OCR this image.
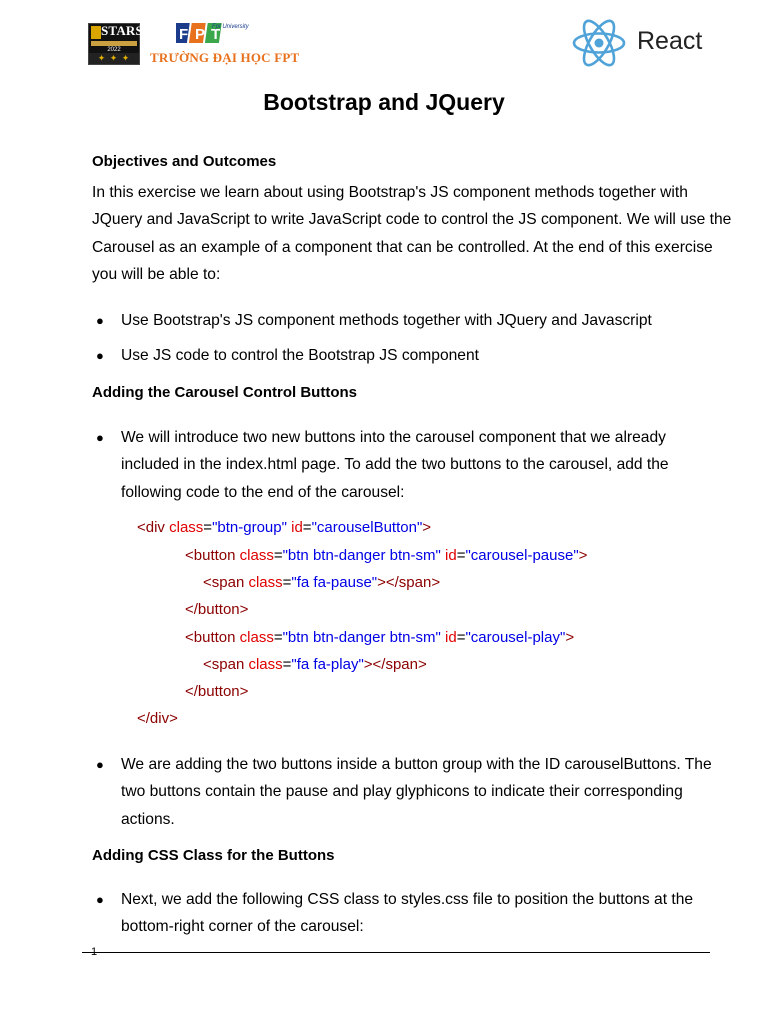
STARS
2022
✦ ✦ ✦
F P T
Fpt University
TRƯỜNG ĐẠI HỌC FPT
React
Bootstrap and JQuery
Objectives and Outcomes

In this exercise we learn about using Bootstrap's JS component methods together with JQuery and JavaScript to write JavaScript code to control the JS component. We will use the Carousel as an example of a component that can be controlled. At the end of this exercise you will be able to:

● Use Bootstrap's JS component methods together with JQuery and Javascript
● Use JS code to control the Bootstrap JS component
Adding the Carousel Control Buttons
● We will introduce two new buttons into the carousel component that we already included in the index.html page. To add the two buttons to the carousel, add the following code to the end of the carousel:
<div class="btn-group" id="carouselButton">
<button class="btn btn-danger btn-sm" id="carousel-pause">
<span class="fa fa-pause"></span>
</button>
<button class="btn btn-danger btn-sm" id="carousel-play">
<span class="fa fa-play"></span>
</button>
</div>
● We are adding the two buttons inside a button group with the ID carouselButtons. The two buttons contain the pause and play glyphicons to indicate their corresponding actions.
Adding CSS Class for the Buttons
● Next, we add the following CSS class to styles.css file to position the buttons at the bottom-right corner of the carousel:
1
